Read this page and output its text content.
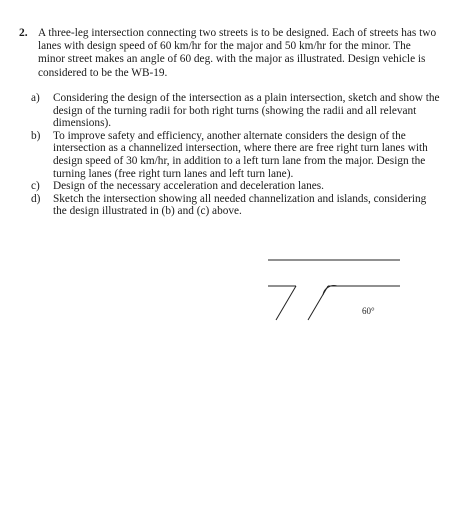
2. A three-leg intersection connecting two streets is to be designed. Each of streets has two lanes with design speed of 60 km/hr for the major and 50 km/hr for the minor. The minor street makes an angle of 60 deg. with the major as illustrated. Design vehicle is considered to be the WB-19.
a) Considering the design of the intersection as a plain intersection, sketch and show the design of the turning radii for both right turns (showing the radii and all relevant dimensions).
b) To improve safety and efficiency, another alternate considers the design of the intersection as a channelized intersection, where there are free right turn lanes with design speed of 30 km/hr, in addition to a left turn lane from the major. Design the turning lanes (free right turn lanes and left turn lane).
c) Design of the necessary acceleration and deceleration lanes.
d) Sketch the intersection showing all needed channelization and islands, considering the design illustrated in (b) and (c) above.
60°
